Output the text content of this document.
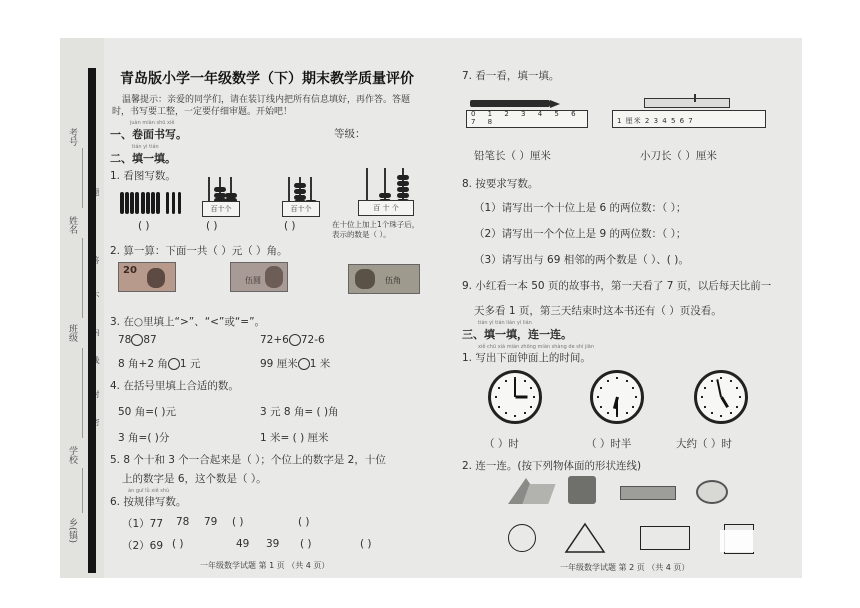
考号
姓名
班级
学校
乡(镇)
青岛版小学一年级数学（下）期末教学质量评价
温馨提示：亲爱的同学们，请在装订线内把所有信息填好，再作答。答题
时，书写要工整，一定要仔细审题。开始吧！
juàn miàn shū xiě
一、卷面书写。	等级：
tián yì tián
二、填一填。
1. 看图写数。
百十个	百十个	百 十 个
( )	( )	( )	在十位上加上1个珠子后，
表示的数是（ ）。
2. 算一算：下面一共（ ）元（ ）角。
20
伍圆	伍角
3. 在○里填上“>”、“<”或“=”。
78 87	72+6 72-6
8 角+2 角 1 元	99 厘米 1 米
4. 在括号里填上合适的数。
50 角=( )元	3 元 8 角= ( )角
3 角=( )分	1 米= ( ) 厘米
5. 8 个十和 3 个一合起来是（ ）；个位上的数字是 2，十位
上的数字是 6，这个数是（ ）。
àn guī lǜ xiě shù
6. 按规律写数。
（1）77 78 79 ( )	( )
（2）69 ( )	49 39 ( )	( )
一年级数学试题 第 1 页 （共 4 页）
7. 看一看，填一填。
0 1 2 3 4 5 6 7 8	1 厘米 2 3 4 5 6 7
铅笔长（ ）厘米	小刀长（ ）厘米
8. 按要求写数。
（1）请写出一个十位上是 6 的两位数：（ ）；
（2）请写出一个个位上是 9 的两位数：（ ）；
（3）请写出与 69 相邻的两个数是（ ）、( )。
9. 小红看一本 50 页的故事书，第一天看了 7 页，以后每天比前一
天多看 1 页，第三天结束时这本书还有（ ）页没看。
tián yì tián lián yì lián
三、填一填，连一连。
xiě chū xià miàn zhōng miàn shàng de shí jiān
1. 写出下面钟面上的时间。
（ ）时	（ ）时半	大约（ ）时
2. 连一连。(按下列物体面的形状连线)
一年级数学试题 第 2 页 （共 4 页）
